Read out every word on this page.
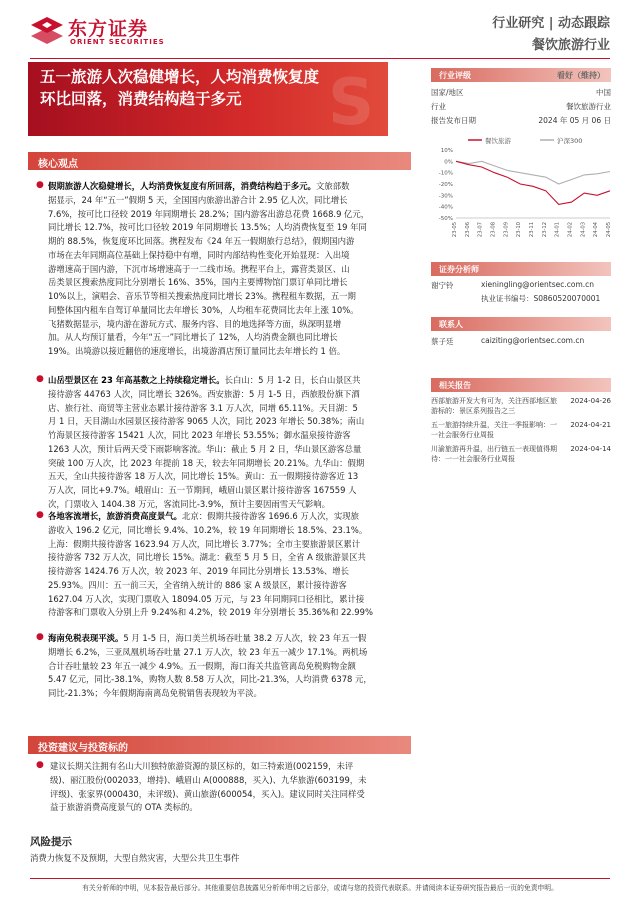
东方证券
ORIENT SECURITIES
行业研究 | 动态跟踪
餐饮旅游行业
S
五一旅游人次稳健增长，人均消费恢复度
环比回落，消费结构趋于多元
行业评级	看好（维持）
国家/地区	中国
行业	餐饮旅游行业
报告发布日期	2024 年 05 月 06 日
餐饮旅游	沪深300
10%
0%
-10%
-20%
-30%
-40%
-50%
23-05 23-06 23-07 23-08 23-09 23-10 23-11 23-12 24-01 24-02 24-03 24-04 24-05
证券分析师
谢宁铃	xieningling@orientsec.com.cn
执业证书编号：S0860520070001
联系人
蔡子廷	caiziting@orientsec.com.cn
相关报告
西部旅游开发大有可为，关注西部地区旅游标的：景区系列报告之三
2024-04-26
五一旅游持续升温，关注一季报影响：一一社会服务行业周报
2024-04-21
川渝旅游再升温，出行链五一表现值得期待：一一社会服务行业周报
2024-04-14
核心观点
● 假期旅游人次稳健增长，人均消费恢复度有所回落，消费结构趋于多元。文旅部数
据显示，24 年“五一”假期 5 天，全国国内旅游出游合计 2.95 亿人次，同比增长
7.6%，按可比口径较 2019 年同期增长 28.2%；国内游客出游总花费 1668.9 亿元，
同比增长 12.7%，按可比口径较 2019 年同期增长 13.5%；人均消费恢复至 19 年同
期的 88.5%，恢复度环比回落。携程发布《24 年五一假期旅行总结》，假期国内游
市场在去年同期高位基础上保持稳中有增，同时内部结构性变化开始显现：入出境
游增速高于国内游，下沉市场增速高于一二线市场。携程平台上，露营类景区、山
岳类景区搜索热度同比分别增长 16%、35%，国内主要博物馆门票订单同比增长
10%以上，演唱会、音乐节等相关搜索热度同比增长 23%。携程租车数据，五一期
间整体国内租车自驾订单量同比去年增长 30%，人均租车花费同比去年上涨 10%。
飞猪数据显示，境内游在游玩方式、服务内容、目的地选择等方面，纵深明显增
加。从人均预订量看，今年“五一”同比增长了 12%，人均消费金额也同比增长
19%。出境游以接近翻倍的速度增长，出境游酒店预订量同比去年增长约 1 倍。
● 山岳型景区在 23 年高基数之上持续稳定增长。长白山：5 月 1-2 日，长白山景区共
接待游客 44763 人次，同比增长 326%。西安旅游：5 月 1-5 日，西旅股份旗下酒
店、旅行社、商贸等主营业态累计接待游客 3.1 万人次，同增 65.11%。天目湖：5
月 1 日，天目湖山水园景区接待游客 9065 人次，同比 2023 年增长 50.38%；南山
竹海景区接待游客 15421 人次，同比 2023 年增长 53.55%；御水温泉接待游客
1263 人次，预计后两天受下雨影响客流。华山：截止 5 月 2 日，华山景区游客总量
突破 100 万人次，比 2023 年提前 18 天，较去年同期增长 20.21%。九华山：假期
五天，全山共接待游客 18 万人次，同比增长 15%。黄山：五一假期接待游客近 13
万人次，同比+9.7%。峨眉山：五一节期间，峨眉山景区累计接待游客 167559 人
次，门票收入 1404.38 万元，客流同比-3.9%，预计主要因雨雪天气影响。
● 各地客流增长，旅游消费高度景气。北京：假期共接待游客 1696.6 万人次，实现旅
游收入 196.2 亿元，同比增长 9.4%、10.2%，较 19 年同期增长 18.5%、23.1%。
上海：假期共接待游客 1623.94 万人次，同比增长 3.77%；全市主要旅游景区累计
接待游客 732 万人次，同比增长 15%。湖北：截至 5 月 5 日，全省 A 级旅游景区共
接待游客 1424.76 万人次，较 2023 年、2019 年同比分别增长 13.53%、增长
25.93%。四川：五一前三天，全省纳入统计的 886 家 A 级景区，累计接待游客
1627.04 万人次，实现门票收入 18094.05 万元，与 23 年同期同口径相比，累计接
待游客和门票收入分别上升 9.24%和 4.2%，较 2019 年分别增长 35.36%和 22.99%
● 海南免税表现平淡。5 月 1-5 日，海口美兰机场吞吐量 38.2 万人次，较 23 年五一假
期增长 6.2%，三亚凤凰机场吞吐量 27.1 万人次，较 23 年五一减少 17.1%。两机场
合计吞吐量较 23 年五一减少 4.9%。五一假期，海口海关共监管离岛免税购物金额
5.47 亿元，同比-38.1%，购物人数 8.58 万人次，同比-21.3%，人均消费 6378 元，
同比-21.3%；今年假期海南离岛免税销售表现较为平淡。
投资建议与投资标的
● 建议长期关注拥有名山大川独特旅游资源的景区标的，如三特索道(002159，未评
级)、丽江股份(002033，增持)、峨眉山 A(000888，买入)、九华旅游(603199，未
评级)、张家界(000430，未评级)、黄山旅游(600054，买入)。建议同时关注同样受
益于旅游消费高度景气的 OTA 类标的。
风险提示
消费力恢复不及预期，大型自然灾害，大型公共卫生事件
有关分析师的申明，见本报告最后部分。其他重要信息披露见分析师申明之后部分，或请与您的投资代表联系。并请阅读本证券研究报告最后一页的免责申明。
